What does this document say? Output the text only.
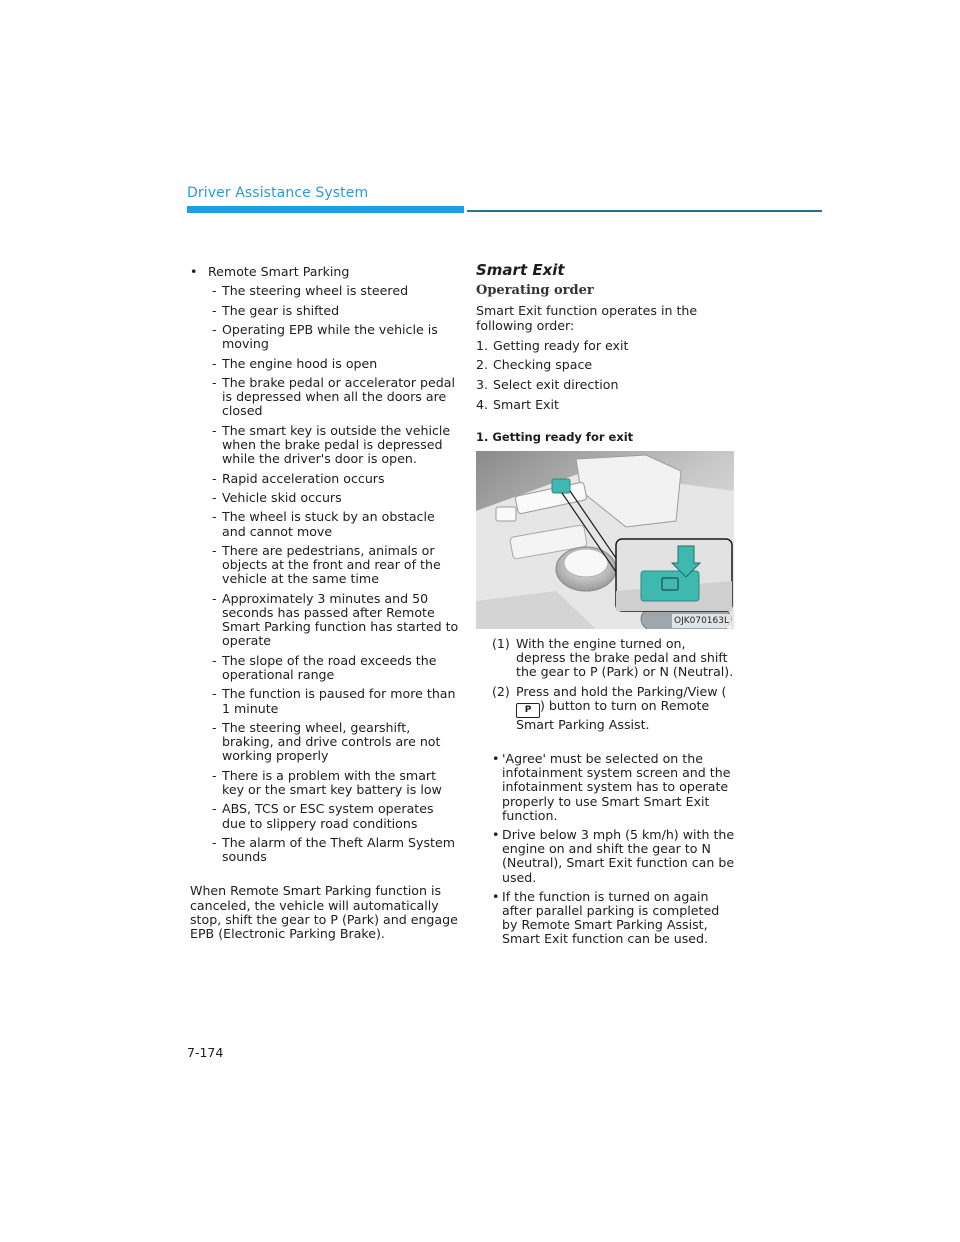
Driver Assistance System
• Remote Smart Parking
- The steering wheel is steered
- The gear is shifted
- Operating EPB while the vehicle is moving
- The engine hood is open
- The brake pedal or accelerator pedal is depressed when all the doors are closed
- The smart key is outside the vehicle when the brake pedal is depressed while the driver's door is open.
- Rapid acceleration occurs
- Vehicle skid occurs
- The wheel is stuck by an obstacle and cannot move
- There are pedestrians, animals or objects at the front and rear of the vehicle at the same time
- Approximately 3 minutes and 50 seconds has passed after Remote Smart Parking function has started to operate
- The slope of the road exceeds the operational range
- The function is paused for more than 1 minute
- The steering wheel, gearshift, braking, and drive controls are not working properly
- There is a problem with the smart key or the smart key battery is low
- ABS, TCS or ESC system operates due to slippery road conditions
- The alarm of the Theft Alarm System sounds
When Remote Smart Parking function is canceled, the vehicle will automatically stop, shift the gear to P (Park) and engage EPB (Electronic Parking Brake).
Smart Exit
Operating order
Smart Exit function operates in the following order:
1. Getting ready for exit
2. Checking space
3. Select exit direction
4. Smart Exit
1. Getting ready for exit
OJK070163L
(1) With the engine turned on, depress the brake pedal and shift the gear to P (Park) or N (Neutral).
(2) Press and hold the Parking/View (P ) button to turn on Remote Smart Parking Assist.
• 'Agree' must be selected on the infotainment system screen and the infotainment system has to operate properly to use Smart Smart Exit function.
• Drive below 3 mph (5 km/h) with the engine on and shift the gear to N (Neutral), Smart Exit function can be used.
• If the function is turned on again after parallel parking is completed by Remote Smart Parking Assist, Smart Exit function can be used.
7-174
